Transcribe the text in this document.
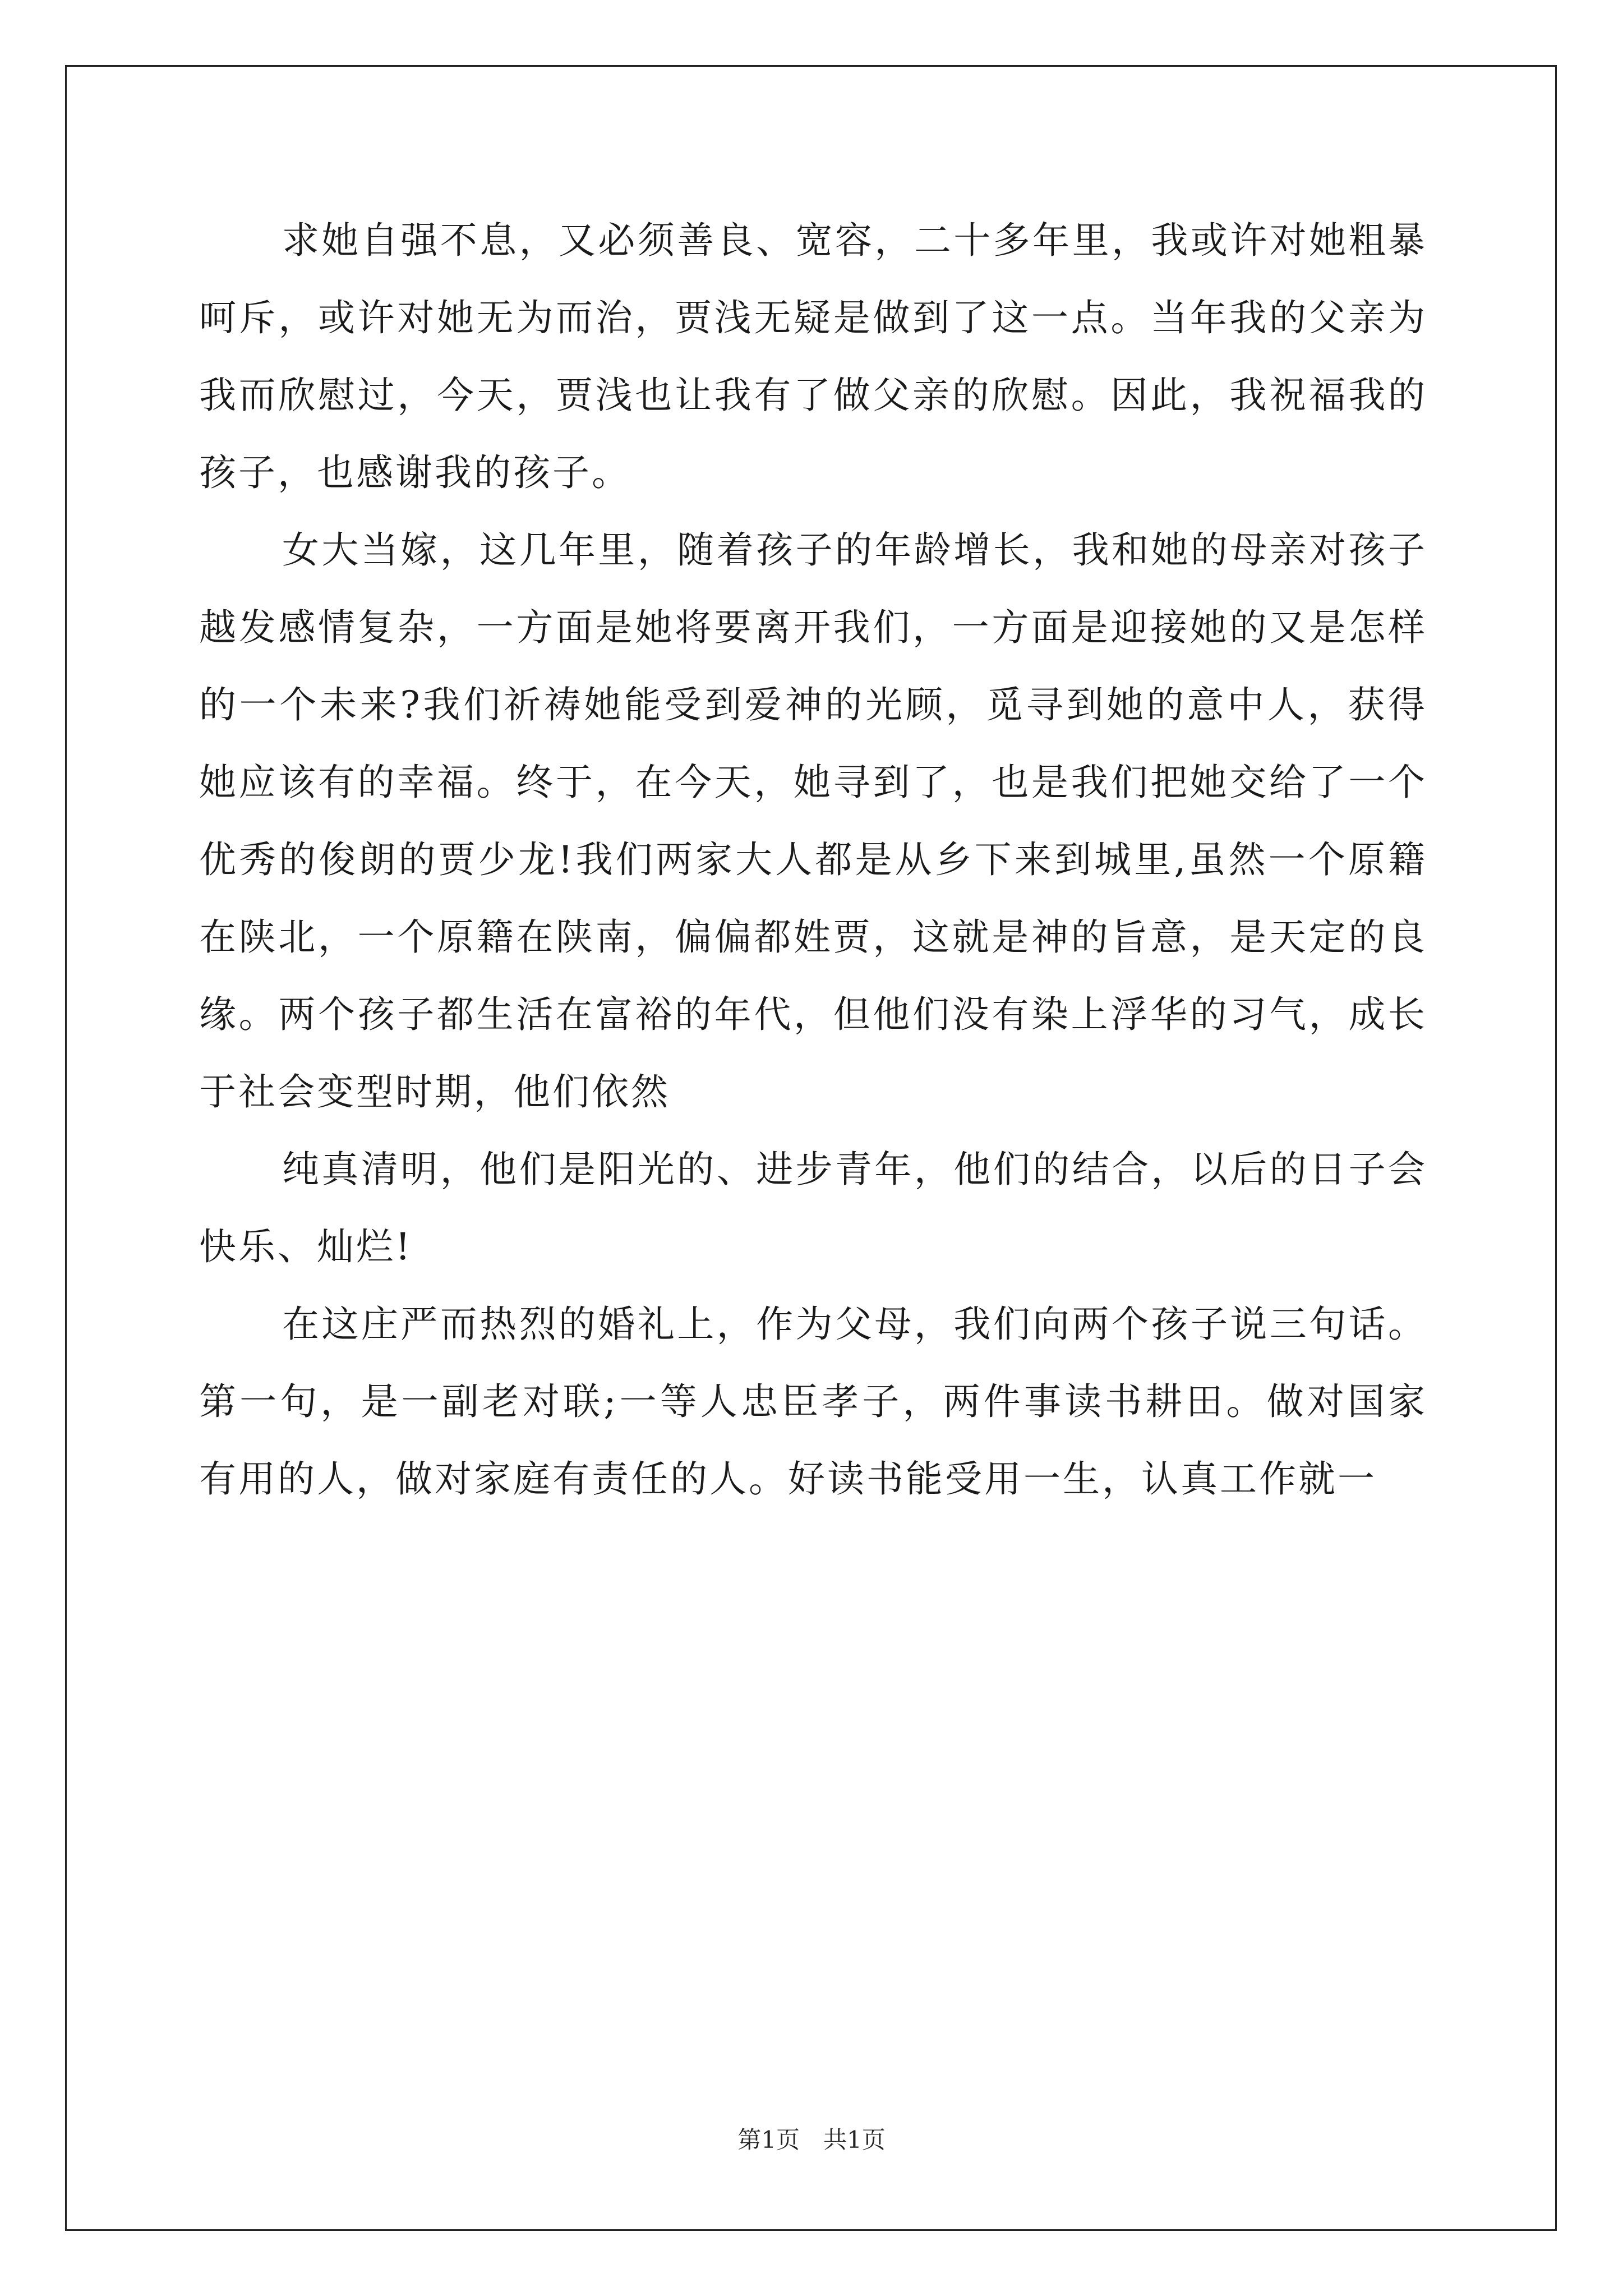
求她自强不息，又必须善良、宽容，二十多年里，我或许对她粗暴呵斥，或许对她无为而治，贾浅无疑是做到了这一点。当年我的父亲为我而欣慰过，今天，贾浅也让我有了做父亲的欣慰。因此，我祝福我的孩子，也感谢我的孩子。

女大当嫁，这几年里，随着孩子的年龄增长，我和她的母亲对孩子越发感情复杂，一方面是她将要离开我们，一方面是迎接她的又是怎样的一个未来?我们祈祷她能受到爱神的光顾，觅寻到她的意中人，获得她应该有的幸福。终于，在今天，她寻到了，也是我们把她交给了一个优秀的俊朗的贾少龙!我们两家大人都是从乡下来到城里,虽然一个原籍在陕北，一个原籍在陕南，偏偏都姓贾，这就是神的旨意，是天定的良缘。两个孩子都生活在富裕的年代，但他们没有染上浮华的习气，成长于社会变型时期，他们依然

纯真清明，他们是阳光的、进步青年，他们的结合，以后的日子会快乐、灿烂!

在这庄严而热烈的婚礼上，作为父母，我们向两个孩子说三句话。第一句，是一副老对联;一等人忠臣孝子，两件事读书耕田。做对国家有用的人，做对家庭有责任的人。好读书能受用一生，认真工作就一

第1页 共1页
